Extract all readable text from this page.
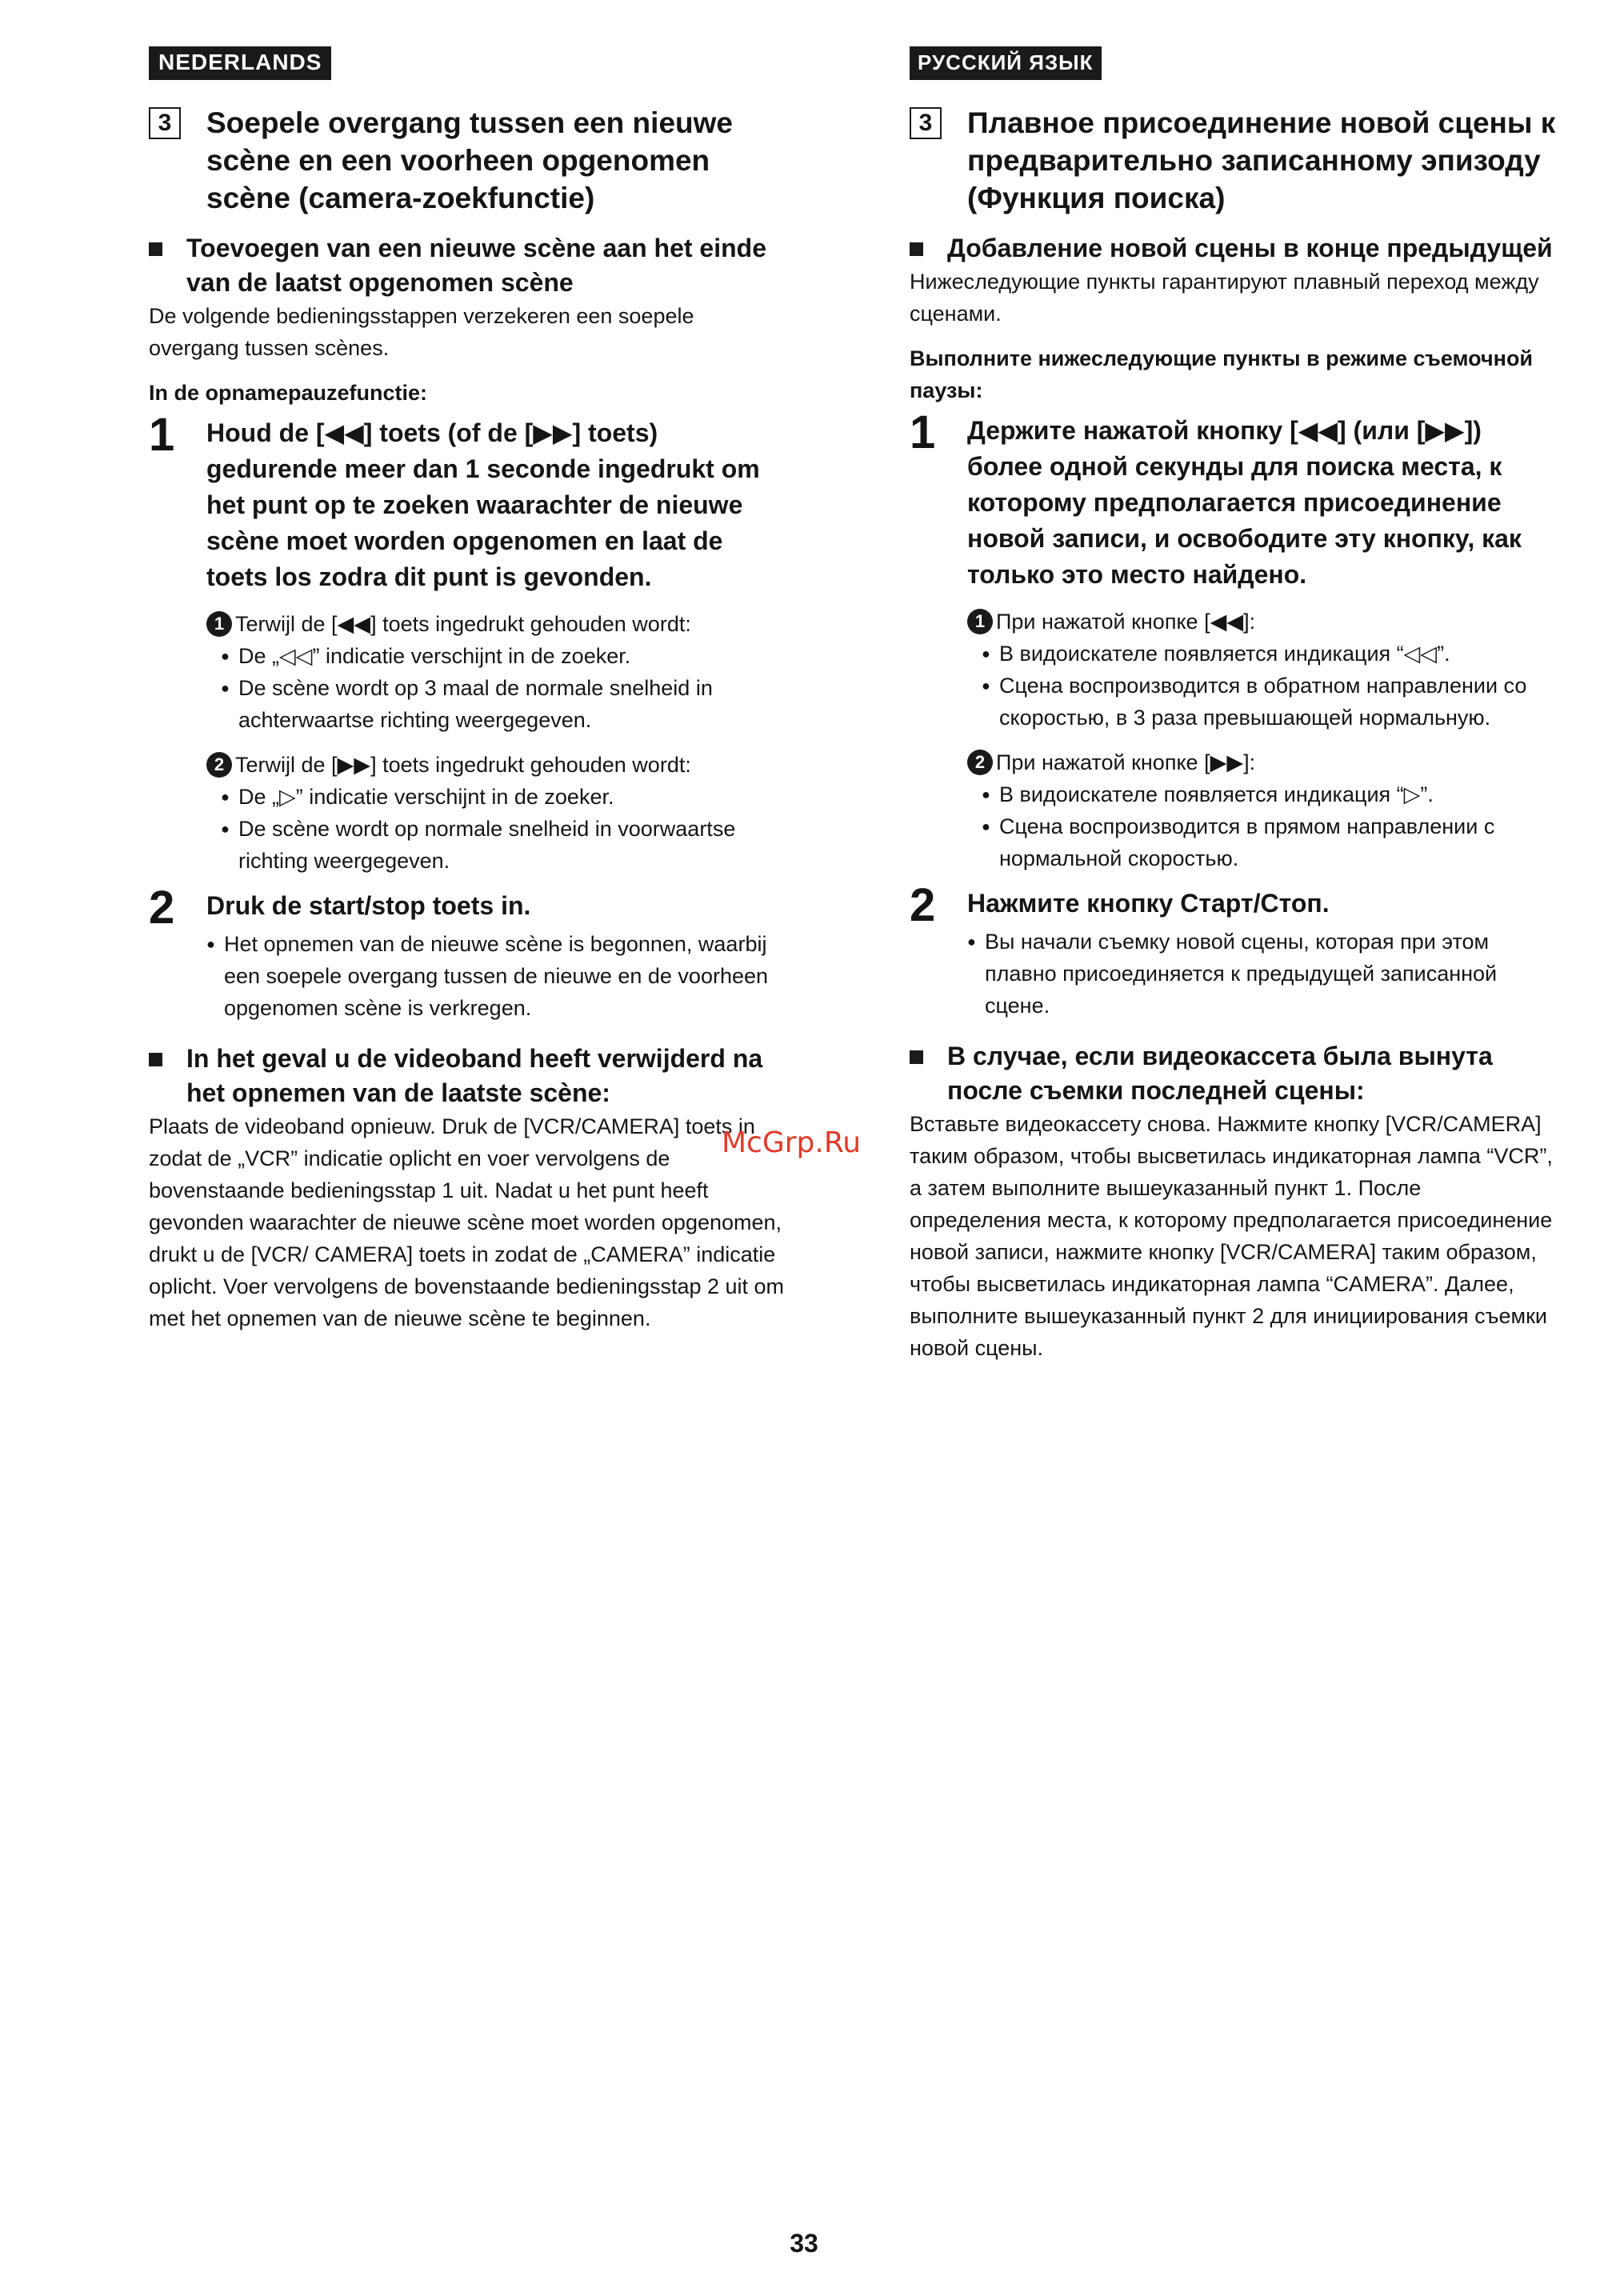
NEDERLANDS
3	Soepele overgang tussen een nieuwe scène en een voorheen opgenomen scène (camera-zoekfunctie)
Toevoegen van een nieuwe scène aan het einde van de laatst opgenomen scène

De volgende bedieningsstappen verzekeren een soepele overgang tussen scènes.

In de opnamepauzefunctie:
1	Houd de [◀◀] toets (of de [▶▶] toets) gedurende meer dan 1 seconde ingedrukt om het punt op te zoeken waarachter de nieuwe scène moet worden opgenomen en laat de toets los zodra dit punt is gevonden.
1 Terwijl de [◀◀] toets ingedrukt gehouden wordt:
● De „◁◁” indicatie verschijnt in de zoeker.
● De scène wordt op 3 maal de normale snelheid in achterwaartse richting weergegeven.
2 Terwijl de [▶▶] toets ingedrukt gehouden wordt:
● De „▷” indicatie verschijnt in de zoeker.
● De scène wordt op normale snelheid in voorwaartse richting weergegeven.
2	Druk de start/stop toets in.
● Het opnemen van de nieuwe scène is begonnen, waarbij een soepele overgang tussen de nieuwe en de voorheen opgenomen scène is verkregen.
In het geval u de videoband heeft verwijderd na het opnemen van de laatste scène:

Plaats de videoband opnieuw. Druk de [VCR/CAMERA] toets in zodat de „VCR” indicatie oplicht en voer vervolgens de bovenstaande bedieningsstap 1 uit. Nadat u het punt heeft gevonden waarachter de nieuwe scène moet worden opgenomen, drukt u de [VCR/ CAMERA] toets in zodat de „CAMERA” indicatie oplicht. Voer vervolgens de bovenstaande bedieningsstap 2 uit om met het opnemen van de nieuwe scène te beginnen.

РУССКИЙ ЯЗЫК
3	Плавное присоединение новой сцены к предварительно записанному эпизоду (Функция поиска)
Добавление новой сцены в конце предыдущей

Нижеследующие пункты гарантируют плавный переход между сценами.

Выполните нижеследующие пункты в режиме съемочной паузы:
1	Держите нажатой кнопку [◀◀] (или [▶▶]) более одной секунды для поиска места, к которому предполагается присоединение новой записи, и освободите эту кнопку, как только это место найдено.
1 При нажатой кнопке [◀◀]:
● В видоискателе появляется индикация “◁◁”.
● Сцена воспроизводится в обратном направлении со скоростью, в 3 раза превышающей нормальную.
2 При нажатой кнопке [▶▶]:
● В видоискателе появляется индикация “▷”.
● Сцена воспроизводится в прямом направлении с нормальной скоростью.
2	Нажмите кнопку Старт/Стоп.
● Вы начали съемку новой сцены, которая при этом плавно присоединяется к предыдущей записанной сцене.
В случае, если видеокассета была вынута после съемки последней сцены:

Вставьте видеокассету снова. Нажмите кнопку [VCR/CAMERA] таким образом, чтобы высветилась индикаторная лампа “VCR”, а затем выполните вышеуказанный пункт 1. После определения места, к которому предполагается присоединение новой записи, нажмите кнопку [VCR/CAMERA] таким образом, чтобы высветилась индикаторная лампа “CAMERA”. Далее, выполните вышеуказанный пункт 2 для инициирования съемки новой сцены.

McGrp.Ru
33
